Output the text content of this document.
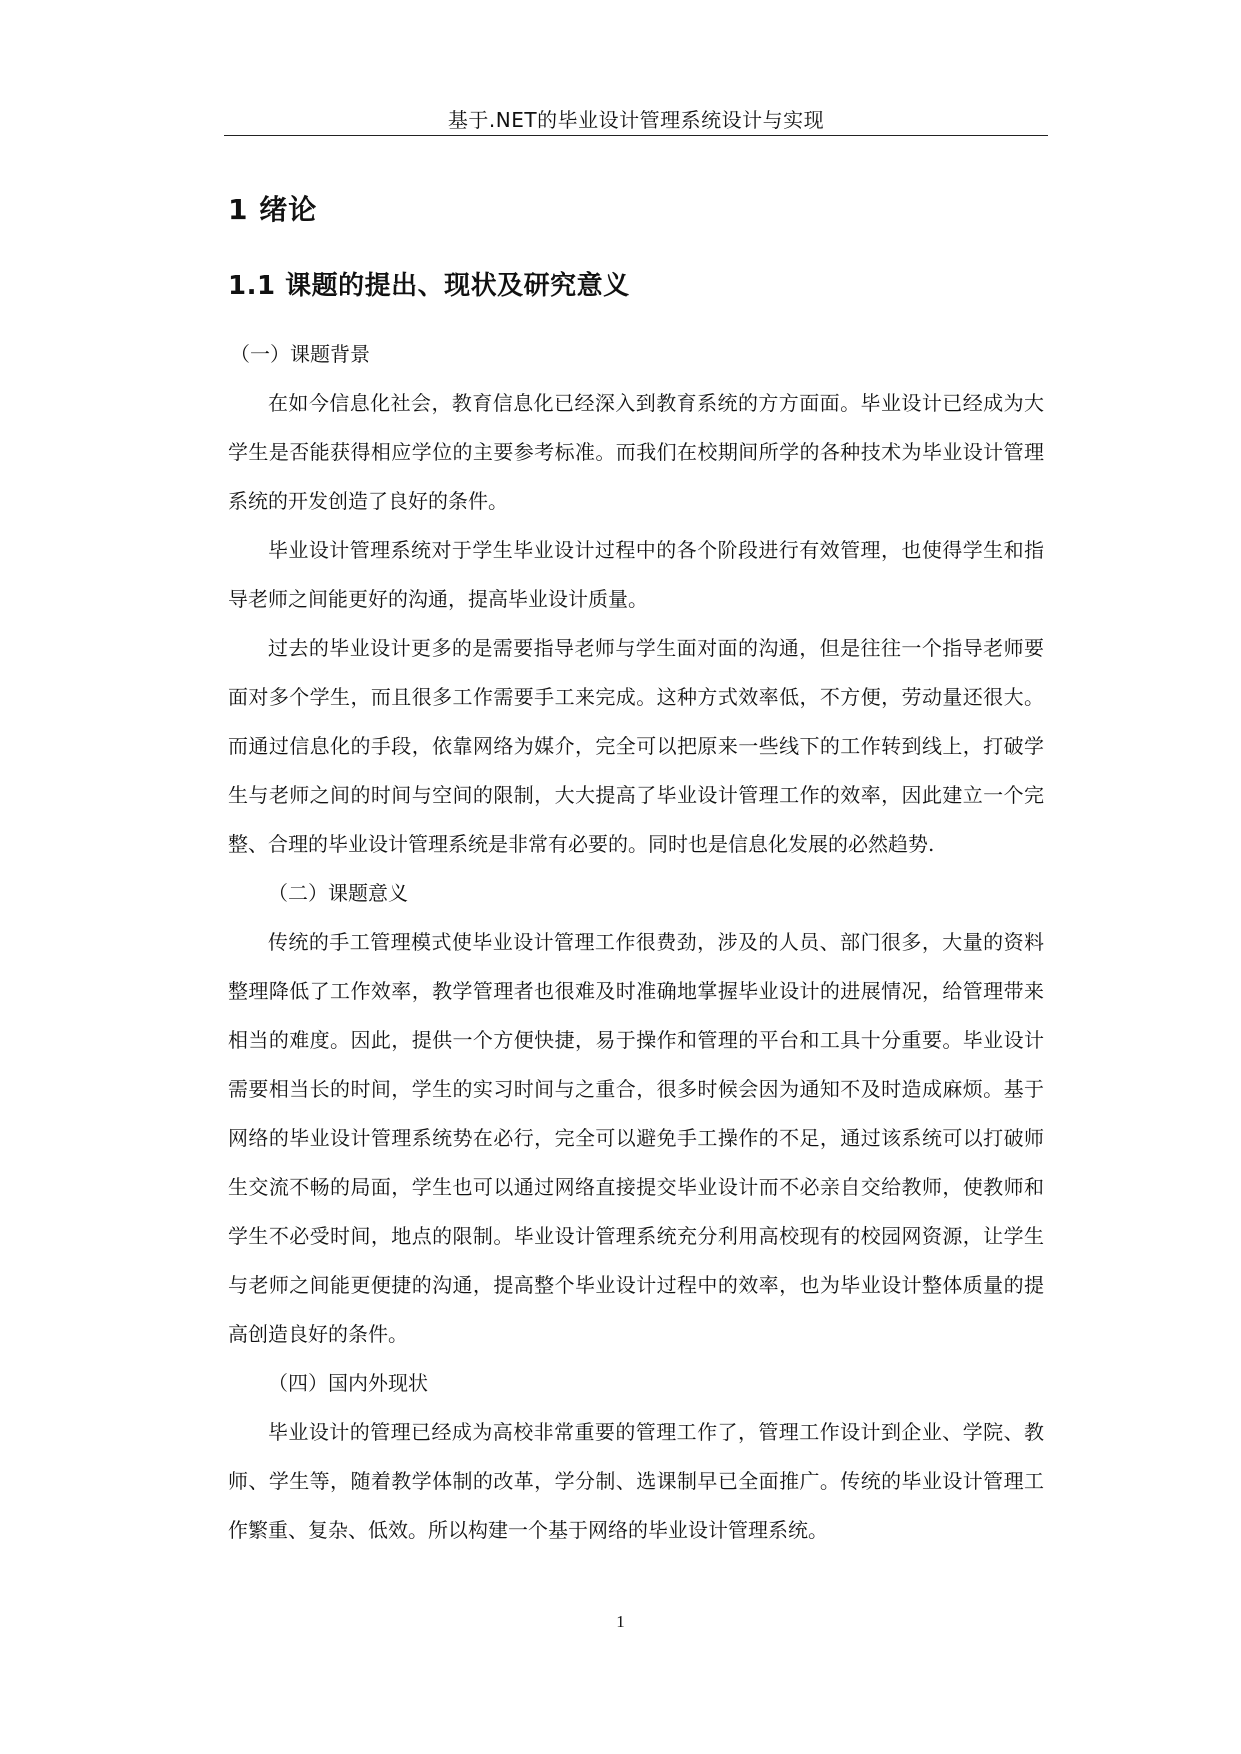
基于.NET的毕业设计管理系统设计与实现
1 绪论
1.1 课题的提出、现状及研究意义
（一）课题背景

在如今信息化社会，教育信息化已经深入到教育系统的方方面面。毕业设计已经成为大学生是否能获得相应学位的主要参考标准。而我们在校期间所学的各种技术为毕业设计管理系统的开发创造了良好的条件。

毕业设计管理系统对于学生毕业设计过程中的各个阶段进行有效管理，也使得学生和指导老师之间能更好的沟通，提高毕业设计质量。

过去的毕业设计更多的是需要指导老师与学生面对面的沟通，但是往往一个指导老师要面对多个学生，而且很多工作需要手工来完成。这种方式效率低，不方便，劳动量还很大。而通过信息化的手段，依靠网络为媒介，完全可以把原来一些线下的工作转到线上，打破学生与老师之间的时间与空间的限制，大大提高了毕业设计管理工作的效率，因此建立一个完整、合理的毕业设计管理系统是非常有必要的。同时也是信息化发展的必然趋势.

（二）课题意义

传统的手工管理模式使毕业设计管理工作很费劲，涉及的人员、部门很多，大量的资料整理降低了工作效率，教学管理者也很难及时准确地掌握毕业设计的进展情况，给管理带来相当的难度。因此，提供一个方便快捷，易于操作和管理的平台和工具十分重要。毕业设计需要相当长的时间，学生的实习时间与之重合，很多时候会因为通知不及时造成麻烦。基于网络的毕业设计管理系统势在必行，完全可以避免手工操作的不足，通过该系统可以打破师生交流不畅的局面，学生也可以通过网络直接提交毕业设计而不必亲自交给教师，使教师和学生不必受时间，地点的限制。毕业设计管理系统充分利用高校现有的校园网资源，让学生与老师之间能更便捷的沟通，提高整个毕业设计过程中的效率，也为毕业设计整体质量的提高创造良好的条件。

（四）国内外现状

毕业设计的管理已经成为高校非常重要的管理工作了，管理工作设计到企业、学院、教师、学生等，随着教学体制的改革，学分制、选课制早已全面推广。传统的毕业设计管理工作繁重、复杂、低效。所以构建一个基于网络的毕业设计管理系统。

1
